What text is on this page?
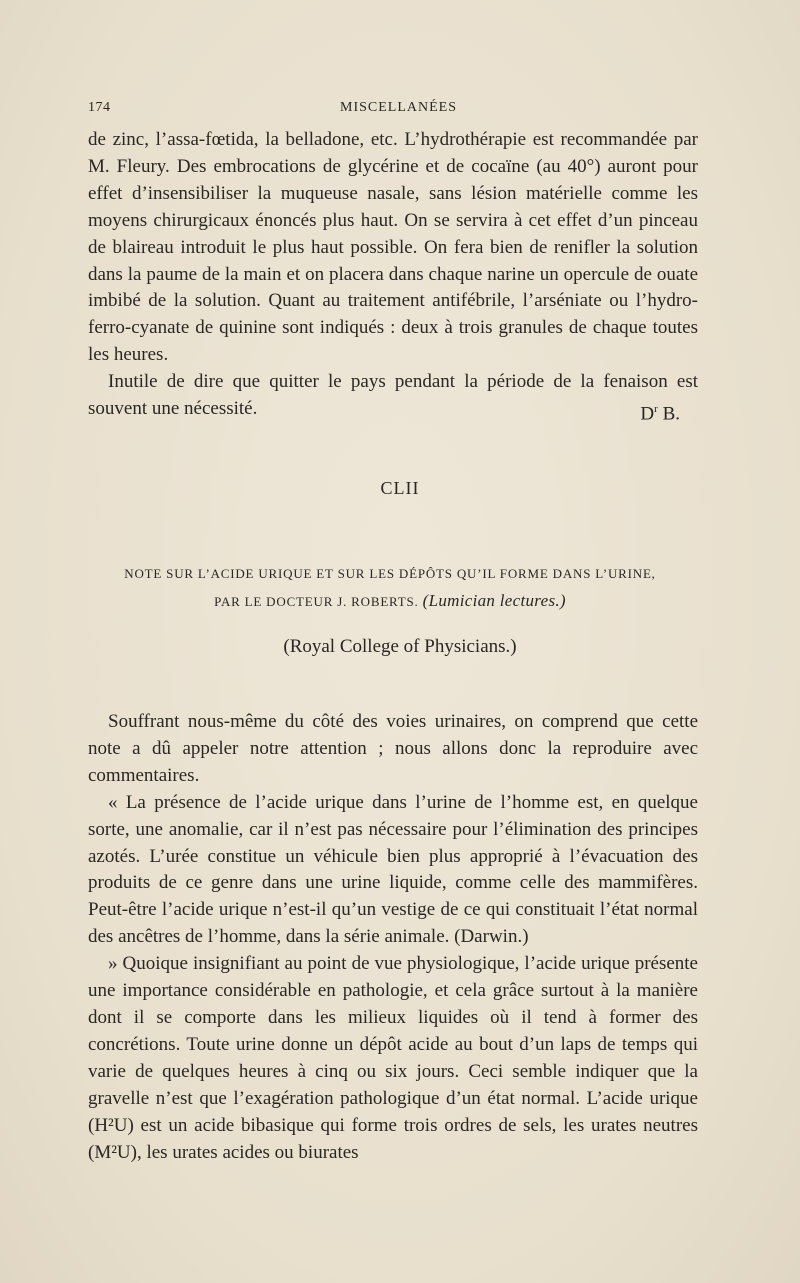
174	MISCELLANÉES

de zinc, l’assa-fœtida, la belladone, etc. L’hydrothérapie est recommandée par M. Fleury. Des embrocations de glycérine et de cocaïne (au 40°) auront pour effet d’insensibiliser la muqueuse nasale, sans lésion matérielle comme les moyens chirurgicaux énoncés plus haut. On se servira à cet effet d’un pinceau de blaireau introduit le plus haut possible. On fera bien de renifler la solution dans la paume de la main et on placera dans chaque narine un opercule de ouate imbibé de la solution. Quant au traitement antifébrile, l’arséniate ou l’hydro-ferro-cyanate de quinine sont indiqués : deux à trois granules de chaque toutes les heures.

Inutile de dire que quitter le pays pendant la période de la fenaison est souvent une nécessité.	$D^r$ B.

CLII
NOTE SUR L’ACIDE URIQUE ET SUR LES DÉPÔTS QU’IL FORME DANS L’URINE,
PAR LE DOCTEUR J. ROBERTS. (Lumician lectures.)
(Royal College of Physicians.)

Souffrant nous-même du côté des voies urinaires, on comprend que cette note a dû appeler notre attention ; nous allons donc la reproduire avec commentaires.

« La présence de l’acide urique dans l’urine de l’homme est, en quelque sorte, une anomalie, car il n’est pas nécessaire pour l’élimination des principes azotés. L’urée constitue un véhicule bien plus approprié à l’évacuation des produits de ce genre dans une urine liquide, comme celle des mammifères. Peut-être l’acide urique n’est-il qu’un vestige de ce qui constituait l’état normal des ancêtres de l’homme, dans la série animale. (Darwin.)

» Quoique insignifiant au point de vue physiologique, l’acide urique présente une importance considérable en pathologie, et cela grâce surtout à la manière dont il se comporte dans les milieux liquides où il tend à former des concrétions. Toute urine donne un dépôt acide au bout d’un laps de temps qui varie de quelques heures à cinq ou six jours. Ceci semble indiquer que la gravelle n’est que l’exagération pathologique d’un état normal. L’acide urique (H²U) est un acide bibasique qui forme trois ordres de sels, les urates neutres (M²U), les urates acides ou biurates
